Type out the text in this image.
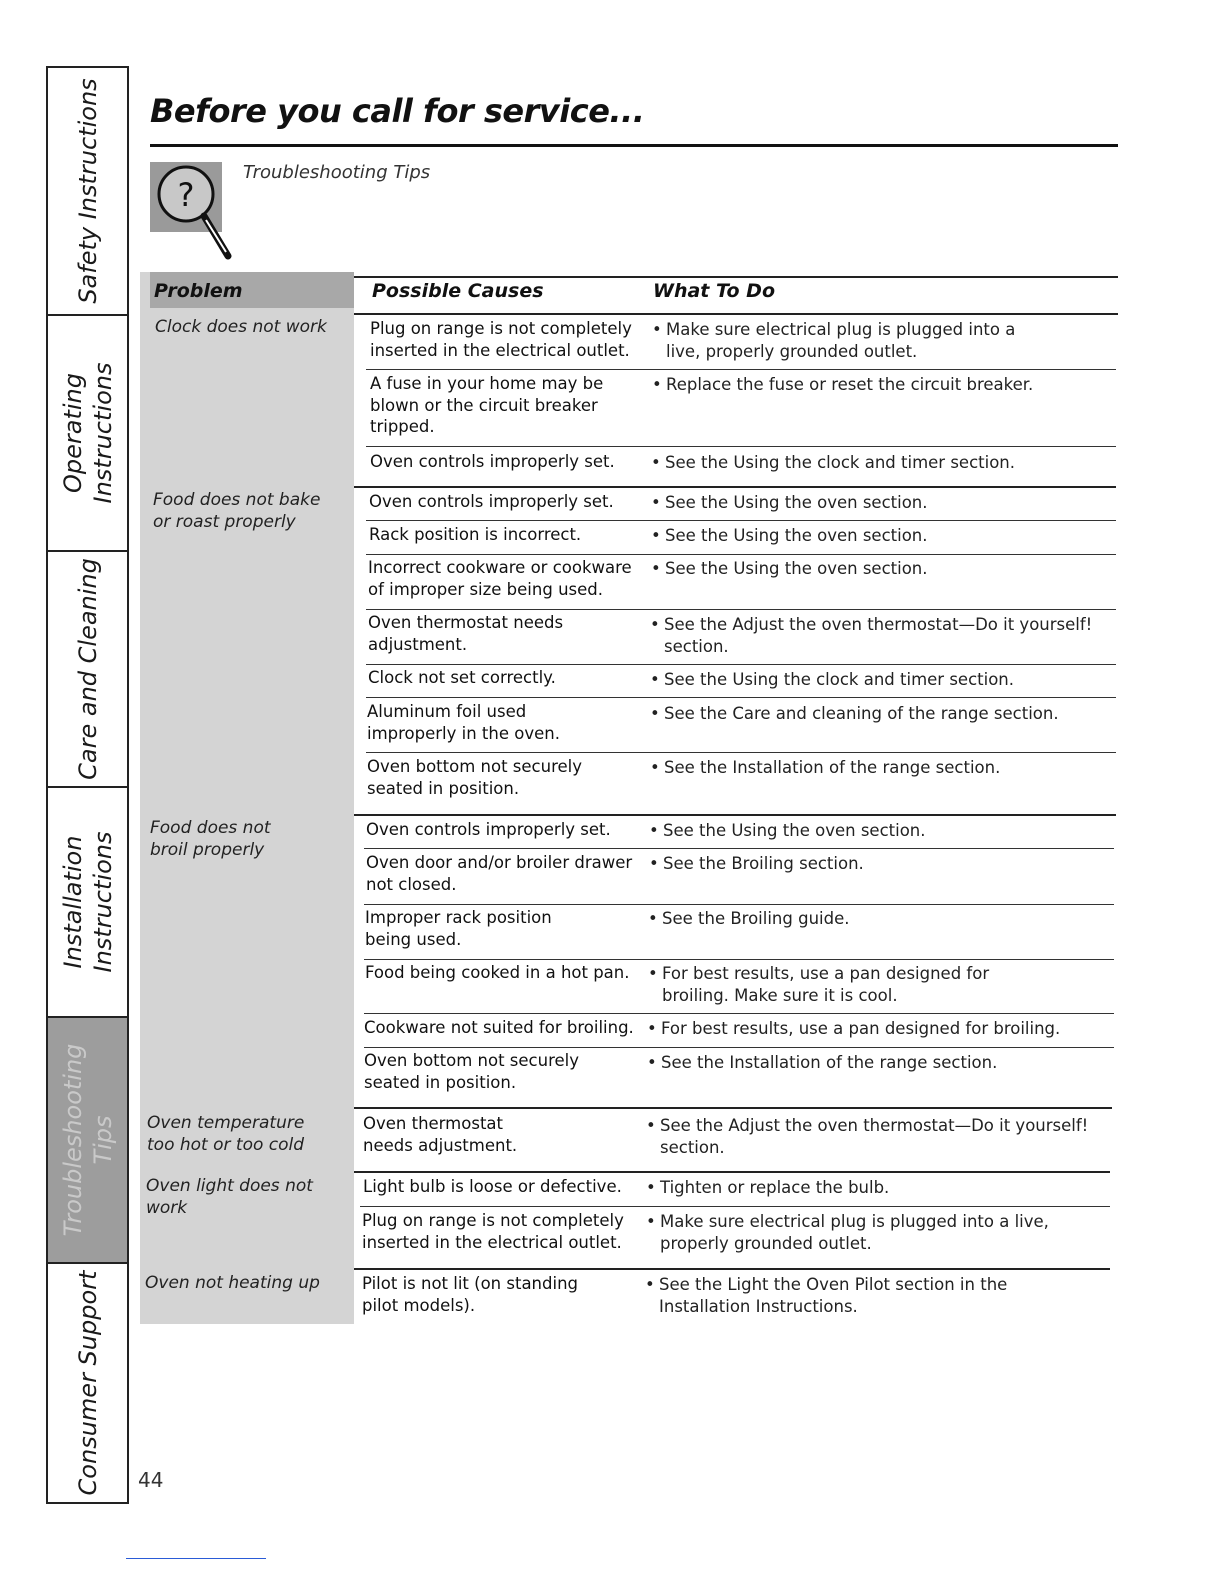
Safety Instructions
Operating Instructions
Care and Cleaning
Installation Instructions
Troubleshooting Tips
Consumer Support
Before you call for service...
?
Troubleshooting Tips
Problem	Possible Causes	What To Do
Clock does not work
Food does not bake or roast properly
Food does not broil properly
Oven temperature too hot or too cold
Oven light does not work
Oven not heating up
Plug on range is not completely inserted in the electrical outlet.
A fuse in your home may be blown or the circuit breaker tripped.
Oven controls improperly set.
Oven controls improperly set.
Rack position is incorrect.
Incorrect cookware or cookware of improper size being used.
Oven thermostat needs adjustment.
Clock not set correctly.
Aluminum foil used improperly in the oven.
Oven bottom not securely seated in position.
Oven controls improperly set.
Oven door and/or broiler drawer not closed.
Improper rack position being used.
Food being cooked in a hot pan.
Cookware not suited for broiling.
Oven bottom not securely seated in position.
Oven thermostat needs adjustment.
Light bulb is loose or defective.
Plug on range is not completely inserted in the electrical outlet.
Pilot is not lit (on standing pilot models).
• Make sure electrical plug is plugged into a live, properly grounded outlet.
• Replace the fuse or reset the circuit breaker.
• See the Using the clock and timer section.
• See the Using the oven section.
• See the Using the oven section.
• See the Using the oven section.
• See the Adjust the oven thermostat—Do it yourself! section.
• See the Using the clock and timer section.
• See the Care and cleaning of the range section.
• See the Installation of the range section.
• See the Using the oven section.
• See the Broiling section.
• See the Broiling guide.
• For best results, use a pan designed for broiling. Make sure it is cool.
• For best results, use a pan designed for broiling.
• See the Installation of the range section.
• See the Adjust the oven thermostat—Do it yourself! section.
• Tighten or replace the bulb.
• Make sure electrical plug is plugged into a live, properly grounded outlet.
• See the Light the Oven Pilot section in the Installation Instructions.
44
